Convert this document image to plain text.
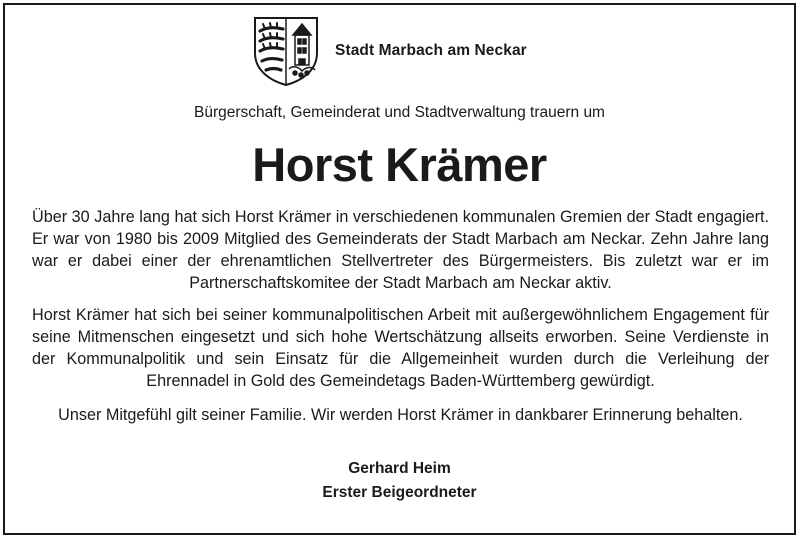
Stadt Marbach am Neckar
Bürgerschaft, Gemeinderat und Stadtverwaltung trauern um
Horst Krämer
Über 30 Jahre lang hat sich Horst Krämer in verschiedenen kommunalen Gremien der Stadt engagiert. Er war von 1980 bis 2009 Mitglied des Gemeinderats der Stadt Marbach am Neckar. Zehn Jahre lang war er dabei einer der ehrenamtlichen Stellvertreter des Bürgermeisters. Bis zuletzt war er im Partnerschaftskomitee der Stadt Marbach am Neckar aktiv.
Horst Krämer hat sich bei seiner kommunalpolitischen Arbeit mit außergewöhnlichem Engagement für seine Mitmenschen eingesetzt und sich hohe Wertschätzung allseits erworben. Seine Verdienste in der Kommunalpolitik und sein Einsatz für die Allgemeinheit wurden durch die Verleihung der Ehrennadel in Gold des Gemeindetags Baden-Württemberg gewürdigt.
Unser Mitgefühl gilt seiner Familie. Wir werden Horst Krämer in dankbarer Erinnerung behalten.
Gerhard Heim
Erster Beigeordneter
